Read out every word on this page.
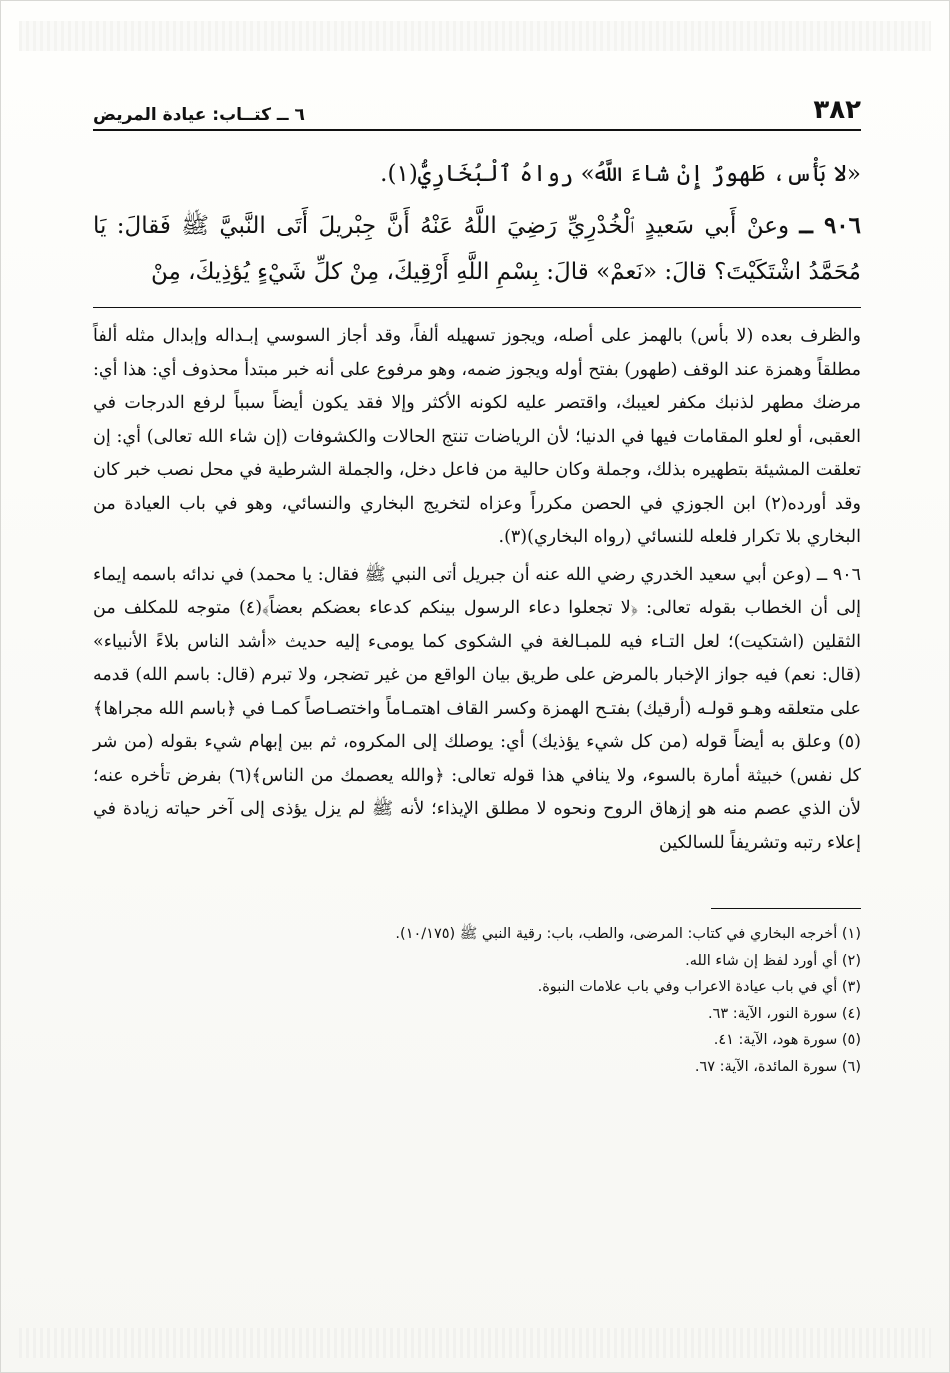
٣٨٢
٦ ــ كتــاب: عيادة المريض

«لا بَأْس، طَهورٌ إِنْ شاءَ اللَّهُ» رواهُ ٱلْبُخَارِيُّ(١).

٩٠٦ ــ وعنْ أَبي سَعيدٍ ٱلْخُدْرِيِّ رَضِيَ اللَّهُ عَنْهُ أَنَّ جِبْريلَ أَتَى النَّبيَّ ﷺ فَقالَ: يَا مُحَمَّدُ اشْتَكَيْتَ؟ قالَ: «نَعمْ» قالَ: بِسْمِ اللَّهِ أَرْقِيكَ، مِنْ كلِّ شَيْءٍ يُؤذِيكَ، مِنْ

والظرف بعده (لا بأس) بالهمز على أصله، ويجوز تسهيله ألفاً، وقد أجاز السوسي إبـداله وإبدال مثله ألفاً مطلقاً وهمزة عند الوقف (طهور) بفتح أوله ويجوز ضمه، وهو مرفوع على أنه خبر مبتدأ محذوف أي: هذا أي: مرضك مطهر لذنبك مكفر لعيبك، واقتصر عليه لكونه الأكثر وإلا فقد يكون أيضاً سبباً لرفع الدرجات في العقبى، أو لعلو المقامات فيها في الدنيا؛ لأن الرياضات تنتج الحالات والكشوفات (إن شاء الله تعالى) أي: إن تعلقت المشيئة بتطهيره بذلك، وجملة وكان حالية من فاعل دخل، والجملة الشرطية في محل نصب خبر كان وقد أورده(٢) ابن الجوزي في الحصن مكرراً وعزاه لتخريج البخاري والنسائي، وهو في باب العيادة من البخاري بلا تكرار فلعله للنسائي (رواه البخاري)(٣).

٩٠٦ ــ (وعن أبي سعيد الخدري رضي الله عنه أن جبريل أتى النبي ﷺ فقال: يا محمد) في ندائه باسمه إيماء إلى أن الخطاب بقوله تعالى: ﴿لا تجعلوا دعاء الرسول بينكم كدعاء بعضكم بعضاً﴾(٤) متوجه للمكلف من الثقلين (اشتكيت)؛ لعل التـاء فيه للمبـالغة في الشكوى كما يومىء إليه حديث «أشد الناس بلاءً الأنبياء» (قال: نعم) فيه جواز الإخبار بالمرض على طريق بيان الواقع من غير تضجر، ولا تبرم (قال: باسم الله) قدمه على متعلقه وهـو قولـه (أرقيك) بفتـح الهمزة وكسر القاف اهتمـاماً واختصـاصاً كمـا في ﴿باسم الله مجراها﴾(٥) وعلق به أيضاً قوله (من كل شيء يؤذيك) أي: يوصلك إلى المكروه، ثم بين إبهام شيء بقوله (من شر كل نفس) خبيثة أمارة بالسوء، ولا ينافي هذا قوله تعالى: ﴿والله يعصمك من الناس﴾(٦) بفرض تأخره عنه؛ لأن الذي عصم منه هو إزهاق الروح ونحوه لا مطلق الإيذاء؛ لأنه ﷺ لم يزل يؤذى إلى آخر حياته زيادة في إعلاء رتبه وتشريفاً للسالكين

(١) أخرجه البخاري في كتاب: المرضى، والطب، باب: رقية النبي ﷺ (١٠/١٧٥).
(٢) أي أورد لفظ إن شاء الله.
(٣) أي في باب عيادة الاعراب وفي باب علامات النبوة.
(٤) سورة النور، الآية: ٦٣.
(٥) سورة هود، الآية: ٤١.
(٦) سورة المائدة، الآية: ٦٧.
